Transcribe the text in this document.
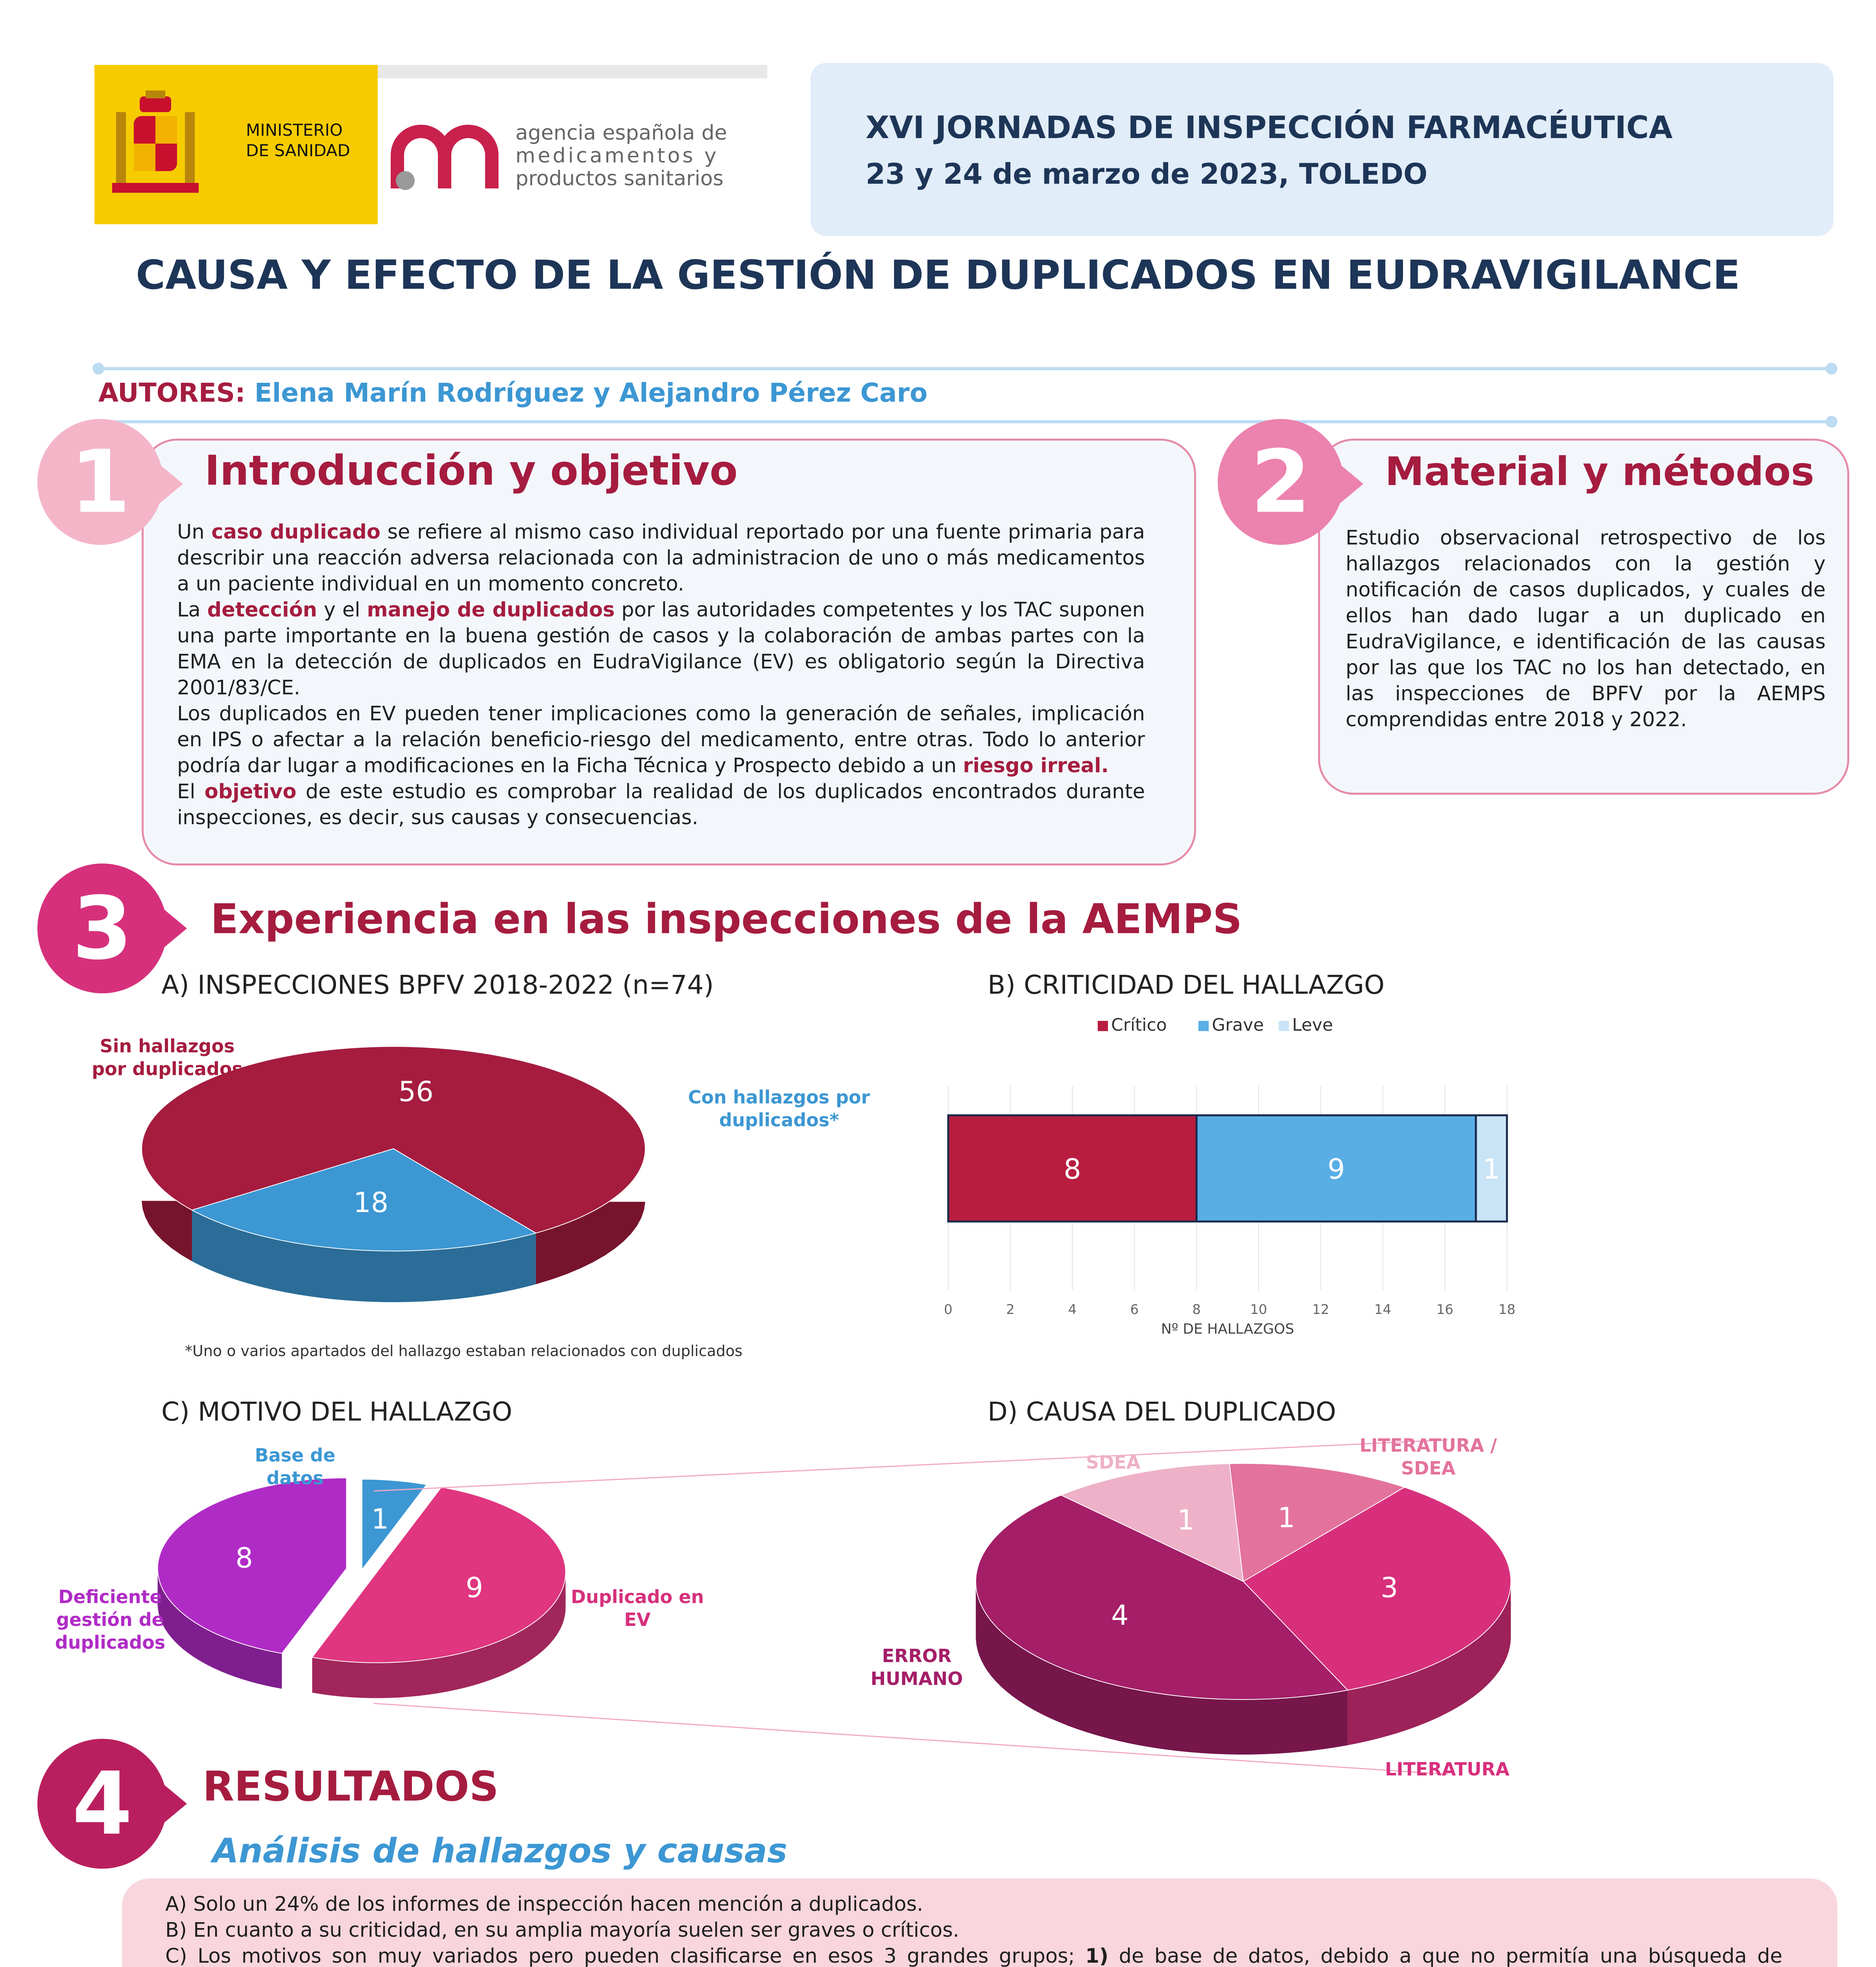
MINISTERIO
DE SANIDAD
agencia española de
medicamentos y
productos sanitarios
XVI JORNADAS DE INSPECCIÓN FARMACÉUTICA
23 y 24 de marzo de 2023, TOLEDO
CAUSA Y EFECTO DE LA GESTIÓN DE DUPLICADOS EN EUDRAVIGILANCE
AUTORES: Elena Marín Rodríguez y Alejandro Pérez Caro
1 Introducción y objetivo
Un caso duplicado se refiere al mismo caso individual reportado por una fuente primaria para describir una reacción adversa relacionada con la administracion de uno o más medicamentos a un paciente individual en un momento concreto.
La detección y el manejo de duplicados por las autoridades competentes y los TAC suponen una parte importante en la buena gestión de casos y la colaboración de ambas partes con la EMA en la detección de duplicados en EudraVigilance (EV) es obligatorio según la Directiva 2001/83/CE.
Los duplicados en EV pueden tener implicaciones como la generación de señales, implicación en IPS o afectar a la relación beneficio-riesgo del medicamento, entre otras. Todo lo anterior podría dar lugar a modificaciones en la Ficha Técnica y Prospecto debido a un riesgo irreal.
El objetivo de este estudio es comprobar la realidad de los duplicados encontrados durante inspecciones, es decir, sus causas y consecuencias.
2 Material y métodos
Estudio observacional retrospectivo de los hallazgos relacionados con la gestión y notificación de casos duplicados, y cuales de ellos han dado lugar a un duplicado en EudraVigilance, e identificación de las causas por las que los TAC no los han detectado, en las inspecciones de BPFV por la AEMPS comprendidas entre 2018 y 2022.
3 Experiencia en las inspecciones de la AEMPS
A) INSPECCIONES BPFV 2018-2022 (n=74)
56
18
Sin hallazgos por duplicados
Con hallazgos por duplicados*
*Uno o varios apartados del hallazgo estaban relacionados con duplicados
B) CRITICIDAD DEL HALLAZGO
0	2	4	6	8	10	12	14	16	18
8	9	1
Nº DE HALLAZGOS
Crítico	Grave Leve
C) MOTIVO DEL HALLAZGO
1
9
8
Base de datos
Duplicado en EV
Deficiente gestión de duplicados
D) CAUSA DEL DUPLICADO
1	1
3
4
SDEA
LITERATURA / SDEA
LITERATURA
ERROR HUMANO
4 RESULTADOS
Análisis de hallazgos y causas
A) Solo un 24% de los informes de inspección hacen mención a duplicados.
B) En cuanto a su criticidad, en su amplia mayoría suelen ser graves o críticos.
C) Los motivos son muy variados pero pueden clasificarse en esos 3 grandes grupos; 1) de base de datos, debido a que no permitía una búsqueda de
